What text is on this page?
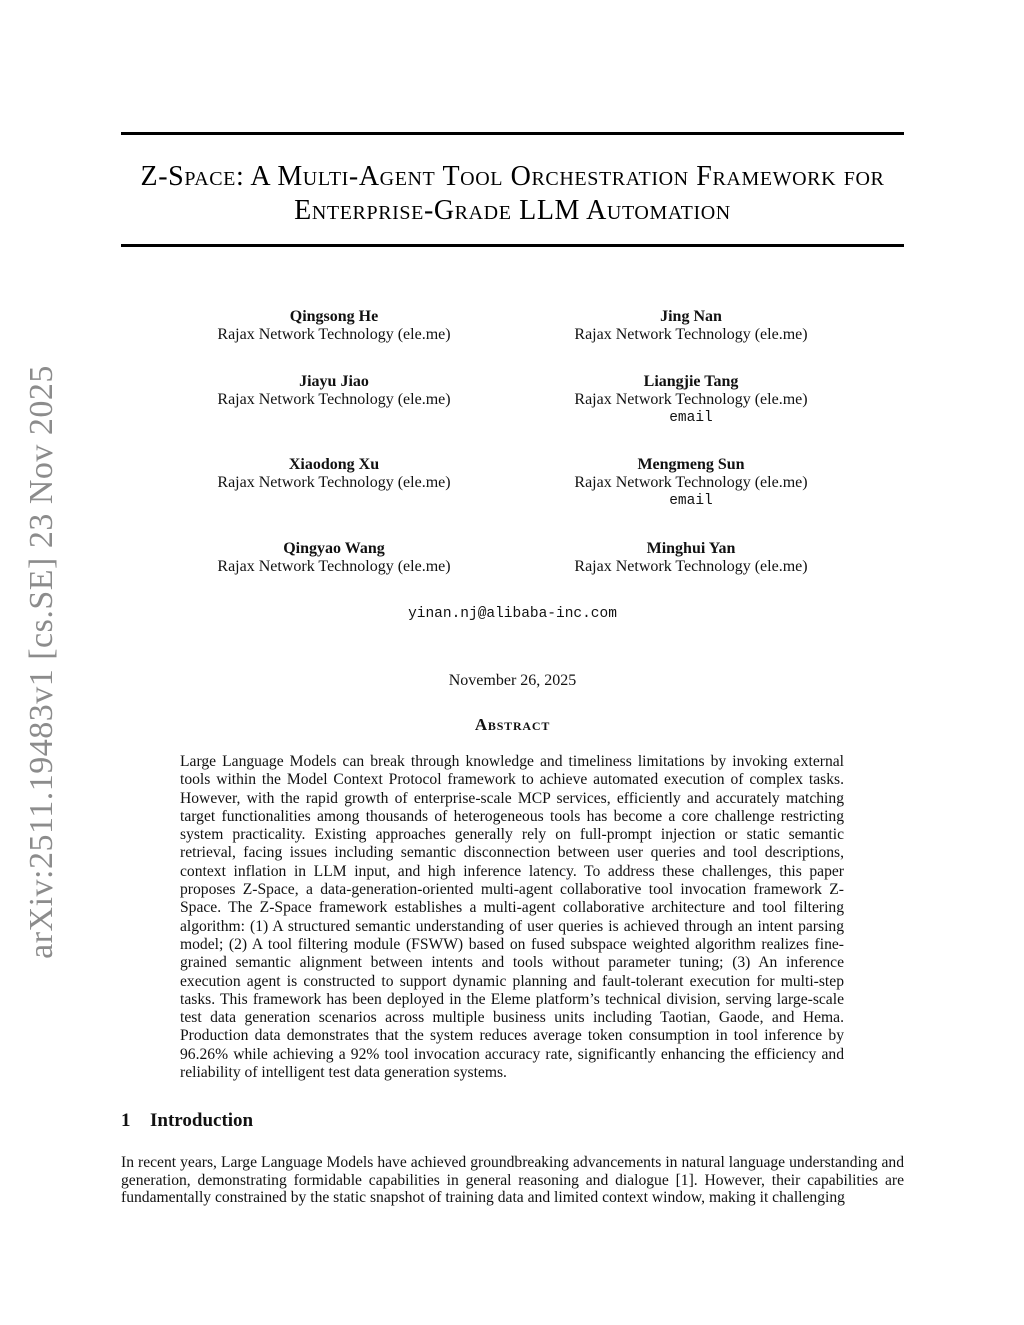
arXiv:2511.19483v1 [cs.SE] 23 Nov 2025
Z-Space: A Multi-Agent Tool Orchestration Framework for Enterprise-Grade LLM Automation
Qingsong He
Rajax Network Technology (ele.me)
Jing Nan
Rajax Network Technology (ele.me)
Jiayu Jiao
Rajax Network Technology (ele.me)
Liangjie Tang
Rajax Network Technology (ele.me)
email
Xiaodong Xu
Rajax Network Technology (ele.me)
Mengmeng Sun
Rajax Network Technology (ele.me)
email
Qingyao Wang
Rajax Network Technology (ele.me)
Minghui Yan
Rajax Network Technology (ele.me)
yinan.nj@alibaba-inc.com
November 26, 2025
Abstract

Large Language Models can break through knowledge and timeliness limitations by invoking external tools within the Model Context Protocol framework to achieve automated execution of complex tasks. However, with the rapid growth of enterprise-scale MCP services, efficiently and accurately matching target functionalities among thousands of heterogeneous tools has become a core challenge restricting system practicality. Existing approaches generally rely on full-prompt injection or static semantic retrieval, facing issues including semantic disconnection between user queries and tool descriptions, context inflation in LLM input, and high inference latency. To address these challenges, this paper proposes Z-Space, a data-generation-oriented multi-agent collaborative tool invocation framework Z-Space. The Z-Space framework establishes a multi-agent collaborative architecture and tool filtering algorithm: (1) A structured semantic understanding of user queries is achieved through an intent parsing model; (2) A tool filtering module (FSWW) based on fused subspace weighted algorithm realizes fine-grained semantic alignment between intents and tools without parameter tuning; (3) An inference execution agent is constructed to support dynamic planning and fault-tolerant execution for multi-step tasks. This framework has been deployed in the Eleme platform’s technical division, serving large-scale test data generation scenarios across multiple business units including Taotian, Gaode, and Hema. Production data demonstrates that the system reduces average token consumption in tool inference by 96.26% while achieving a 92% tool invocation accuracy rate, significantly enhancing the efficiency and reliability of intelligent test data generation systems.

1 Introduction

In recent years, Large Language Models have achieved groundbreaking advancements in natural language understanding and generation, demonstrating formidable capabilities in general reasoning and dialogue [1]. However, their capabilities are fundamentally constrained by the static snapshot of training data and limited context window, making it challenging
